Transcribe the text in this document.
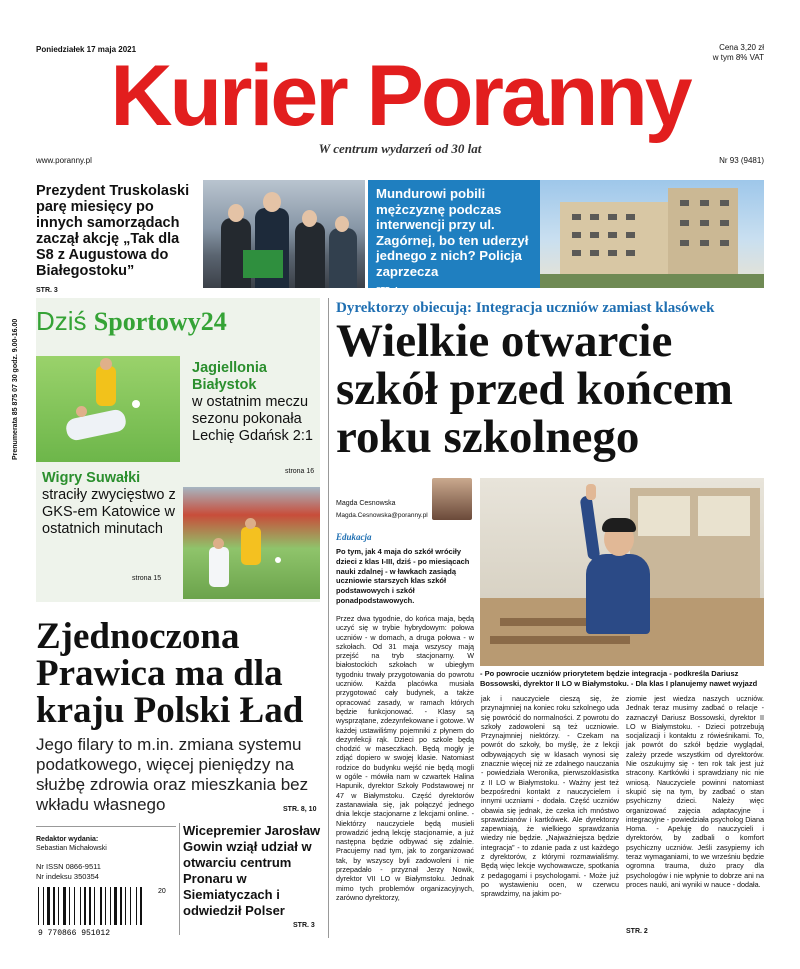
Poniedziałek 17 maja 2021	Cena 3,20 zł
w tym 8% VAT
Kurier Poranny
W centrum wydarzeń od 30 lat
www.poranny.pl	Nr 93 (9481)
Prezydent Truskolaski parę miesięcy po innych samorządach zaczął akcję „Tak dla S8 z Augustowa do Białegostoku”
STR. 3
Mundurowi pobili mężczyznę podczas interwencji przy ul. Zagórnej, bo ten uderzył jednego z nich? Policja zaprzecza
STR. 4
Prenumerata 85 875 07 30 godz. 9.00-16.00 Dziś Sportowy24
Jagiellonia Białystok
w ostatnim meczu sezonu pokonała Lechię Gdańsk 2:1
strona 16
Wigry Suwałki
straciły zwycięstwo z GKS-em Katowice w ostatnich minutach
strona 15
Zjednoczona Prawica ma dla kraju Polski Ład
Jego filary to m.in. zmiana systemu podatkowego, więcej pieniędzy na służbę zdrowia oraz mieszkania bez wkładu własnego	STR. 8, 10
Redaktor wydania:
Sebastian Michałowski
Nr ISSN 0866-9511
Nr indeksu 350354
9 770866 951012
20
Wicepremier Jarosław Gowin wziął udział w otwarciu centrum Pronaru w Siemiatyczach i odwiedził Polser
STR. 3
Dyrektorzy obiecują: Integracja uczniów zamiast klasówek
Wielkie otwarcie szkół przed końcem roku szkolnego
Magda Cesnowska
Magda.Cesnowska@poranny.pl
Edukacja
Po tym, jak 4 maja do szkół wróciły dzieci z klas I-III, dziś - po miesiącach nauki zdalnej - w ławkach zasiądą uczniowie starszych klas szkół podstawowych i szkół ponadpodstawowych.
Przez dwa tygodnie, do końca maja, będą uczyć się w trybie hybrydowym: połowa uczniów - w domach, a druga połowa - w szkołach. Od 31 maja wszyscy mają przejść na tryb stacjonarny. W białostockich szkołach w ubiegłym tygodniu trwały przygotowania do powrotu uczniów. Każda placówka musiała przygotować cały budynek, a także opracować zasady, w ramach których będzie funkcjonować. - Klasy są wysprzątane, zdezynfekowane i gotowe. W każdej ustawiliśmy pojemniki z płynem do dezynfekcji rąk. Dzieci po szkole będą chodzić w maseczkach. Będą mogły je zdjąć dopiero w swojej klasie. Natomiast rodzice do budynku wejść nie będą mogli w ogóle - mówiła nam w czwartek Halina Hapunik, dyrektor Szkoły Podstawowej nr 47 w Białymstoku. Część dyrektorów zastanawiała się, jak połączyć jednego dnia lekcje stacjonarne z lekcjami online. - Niektórzy nauczyciele będą musieli prowadzić jedną lekcję stacjonarnie, a już następna będzie odbywać się zdalnie. Pracujemy nad tym, jak to zorganizować tak, by wszyscy byli zadowoleni i nie przepadało - przyznał Jerzy Nowik, dyrektor VII LO w Białymstoku. Jednak mimo tych problemów organizacyjnych, zarówno dyrektorzy,
- Po powrocie uczniów priorytetem będzie integracja - podkreśla Dariusz Bossowski, dyrektor II LO w Białymstoku. - Dla klas I planujemy nawet wyjazd
jak i nauczyciele cieszą się, że przynajmniej na koniec roku szkolnego uda się powrócić do normalności. Z powrotu do szkoły zadowoleni są też uczniowie. Przynajmniej niektórzy. - Czekam na powrót do szkoły, bo myślę, że z lekcji odbywających się w klasach wynosi się znacznie więcej niż ze zdalnego nauczania - powiedziała Weronika, pierwszoklasistka z II LO w Białymstoku. - Ważny jest też bezpośredni kontakt z nauczycielem i innymi uczniami - dodała. Część uczniów obawia się jednak, że czeka ich mnóstwo sprawdzianów i kartkówek. Ale dyrektorzy zapewniają, że wielkiego sprawdzania wiedzy nie będzie. „Najważniejsza będzie integracja” - to zdanie pada z ust każdego z dyrektorów, z którymi rozmawialiśmy. Będą więc lekcje wychowawcze, spotkania z pedagogami i psychologami. - Może już po wystawieniu ocen, w czerwcu sprawdzimy, na jakim po-
ziomie jest wiedza naszych uczniów. Jednak teraz musimy zadbać o relacje - zaznaczył Dariusz Bossowski, dyrektor II LO w Białymstoku. - Dzieci potrzebują socjalizacji i kontaktu z rówieśnikami. To, jak powrót do szkół będzie wyglądał, zależy przede wszystkim od dyrektorów. Nie oszukujmy się - ten rok tak jest już stracony. Kartkówki i sprawdziany nic nie wniosą. Nauczyciele powinni natomiast skupić się na tym, by zadbać o stan psychiczny dzieci. Należy więc organizować zajęcia adaptacyjne i integracyjne - powiedziała psycholog Diana Homa. - Apeluję do nauczycieli i dyrektorów, by zadbali o komfort psychiczny uczniów. Jeśli zasypiemy ich teraz wymaganiami, to we wrześniu będzie ogromna trauma, dużo pracy dla psychologów i nie wpłynie to dobrze ani na proces nauki, ani wyniki w nauce - dodała.
STR. 2
